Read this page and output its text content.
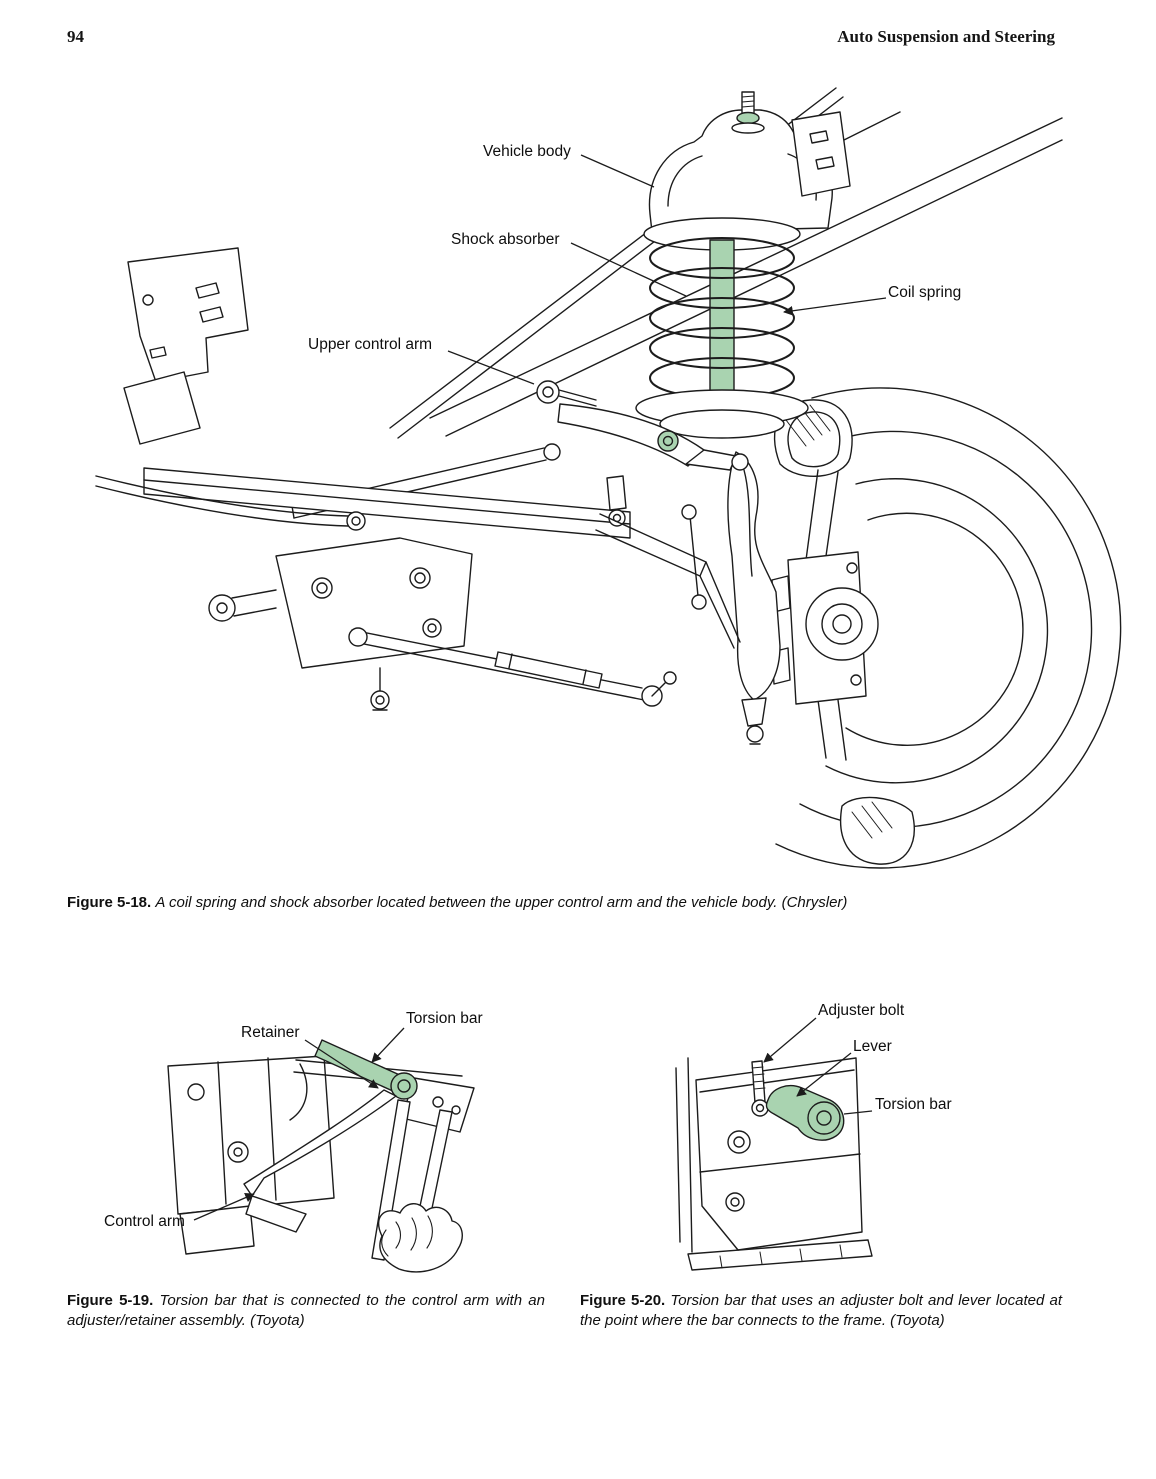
94	Auto Suspension and Steering
Vehicle body
Shock absorber
Coil spring
Upper control arm
Torsion bar
Retainer
Control arm
Adjuster bolt
Lever
Torsion bar

Figure 5-18. A coil spring and shock absorber located between the upper control arm and the vehicle body. (Chrysler)

Figure 5-19. Torsion bar that is connected to the control arm with an adjuster/retainer assembly. (Toyota)

Figure 5-20. Torsion bar that uses an adjuster bolt and lever located at the point where the bar connects to the frame. (Toyota)
